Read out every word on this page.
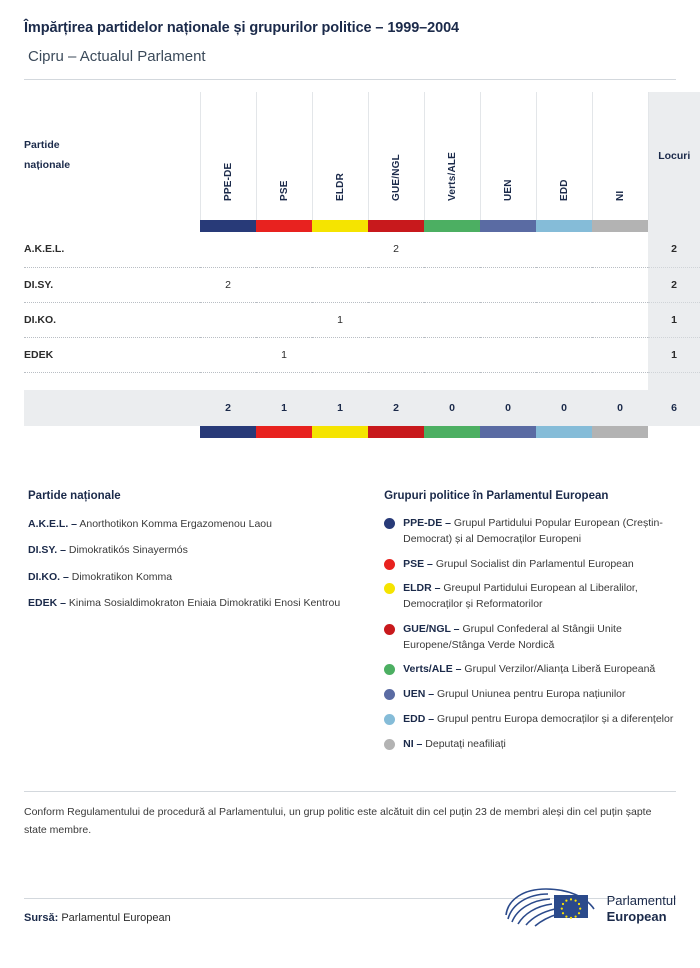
Împărțirea partidelor naționale și grupurilor politice – 1999–2004
Cipru – Actualul Parlament
Partide
naționale	PPE-DE	PSE	ELDR	GUE/NGL	Verts/ALE	UEN	EDD	NI	Locuri

A.K.E.L.				2					2
DI.SY.	2								2
DI.KO.			1						1
EDEK		1							1

	2	1	1	2	0	0	0	0	6

Partide naționale
A.K.E.L. – Anorthotikon Komma Ergazomenou Laou
DI.SY. – Dimokratikós Sinayermós
DI.KO. – Dimokratikon Komma
EDEK – Kinima Sosialdimokraton Eniaia Dimokratiki Enosi Kentrou
Grupuri politice în Parlamentul European
PPE-DE – Grupul Partidului Popular European (Creștin-Democrat) și al Democraților Europeni
PSE – Grupul Socialist din Parlamentul European
ELDR – Greupul Partidului European al Liberalilor, Democraților și Reformatorilor
GUE/NGL – Grupul Confederal al Stângii Unite Europene/Stânga Verde Nordică
Verts/ALE – Grupul Verzilor/Alianța Liberă Europeană
UEN – Grupul Uniunea pentru Europa națiunilor
EDD – Grupul pentru Europa democraților și a diferențelor
NI – Deputați neafiliați
Conform Regulamentului de procedură al Parlamentului, un grup politic este alcătuit din cel puțin 23 de membri aleși din cel puțin șapte state membre.
Sursă: Parlamentul European
Parlamentul
European
